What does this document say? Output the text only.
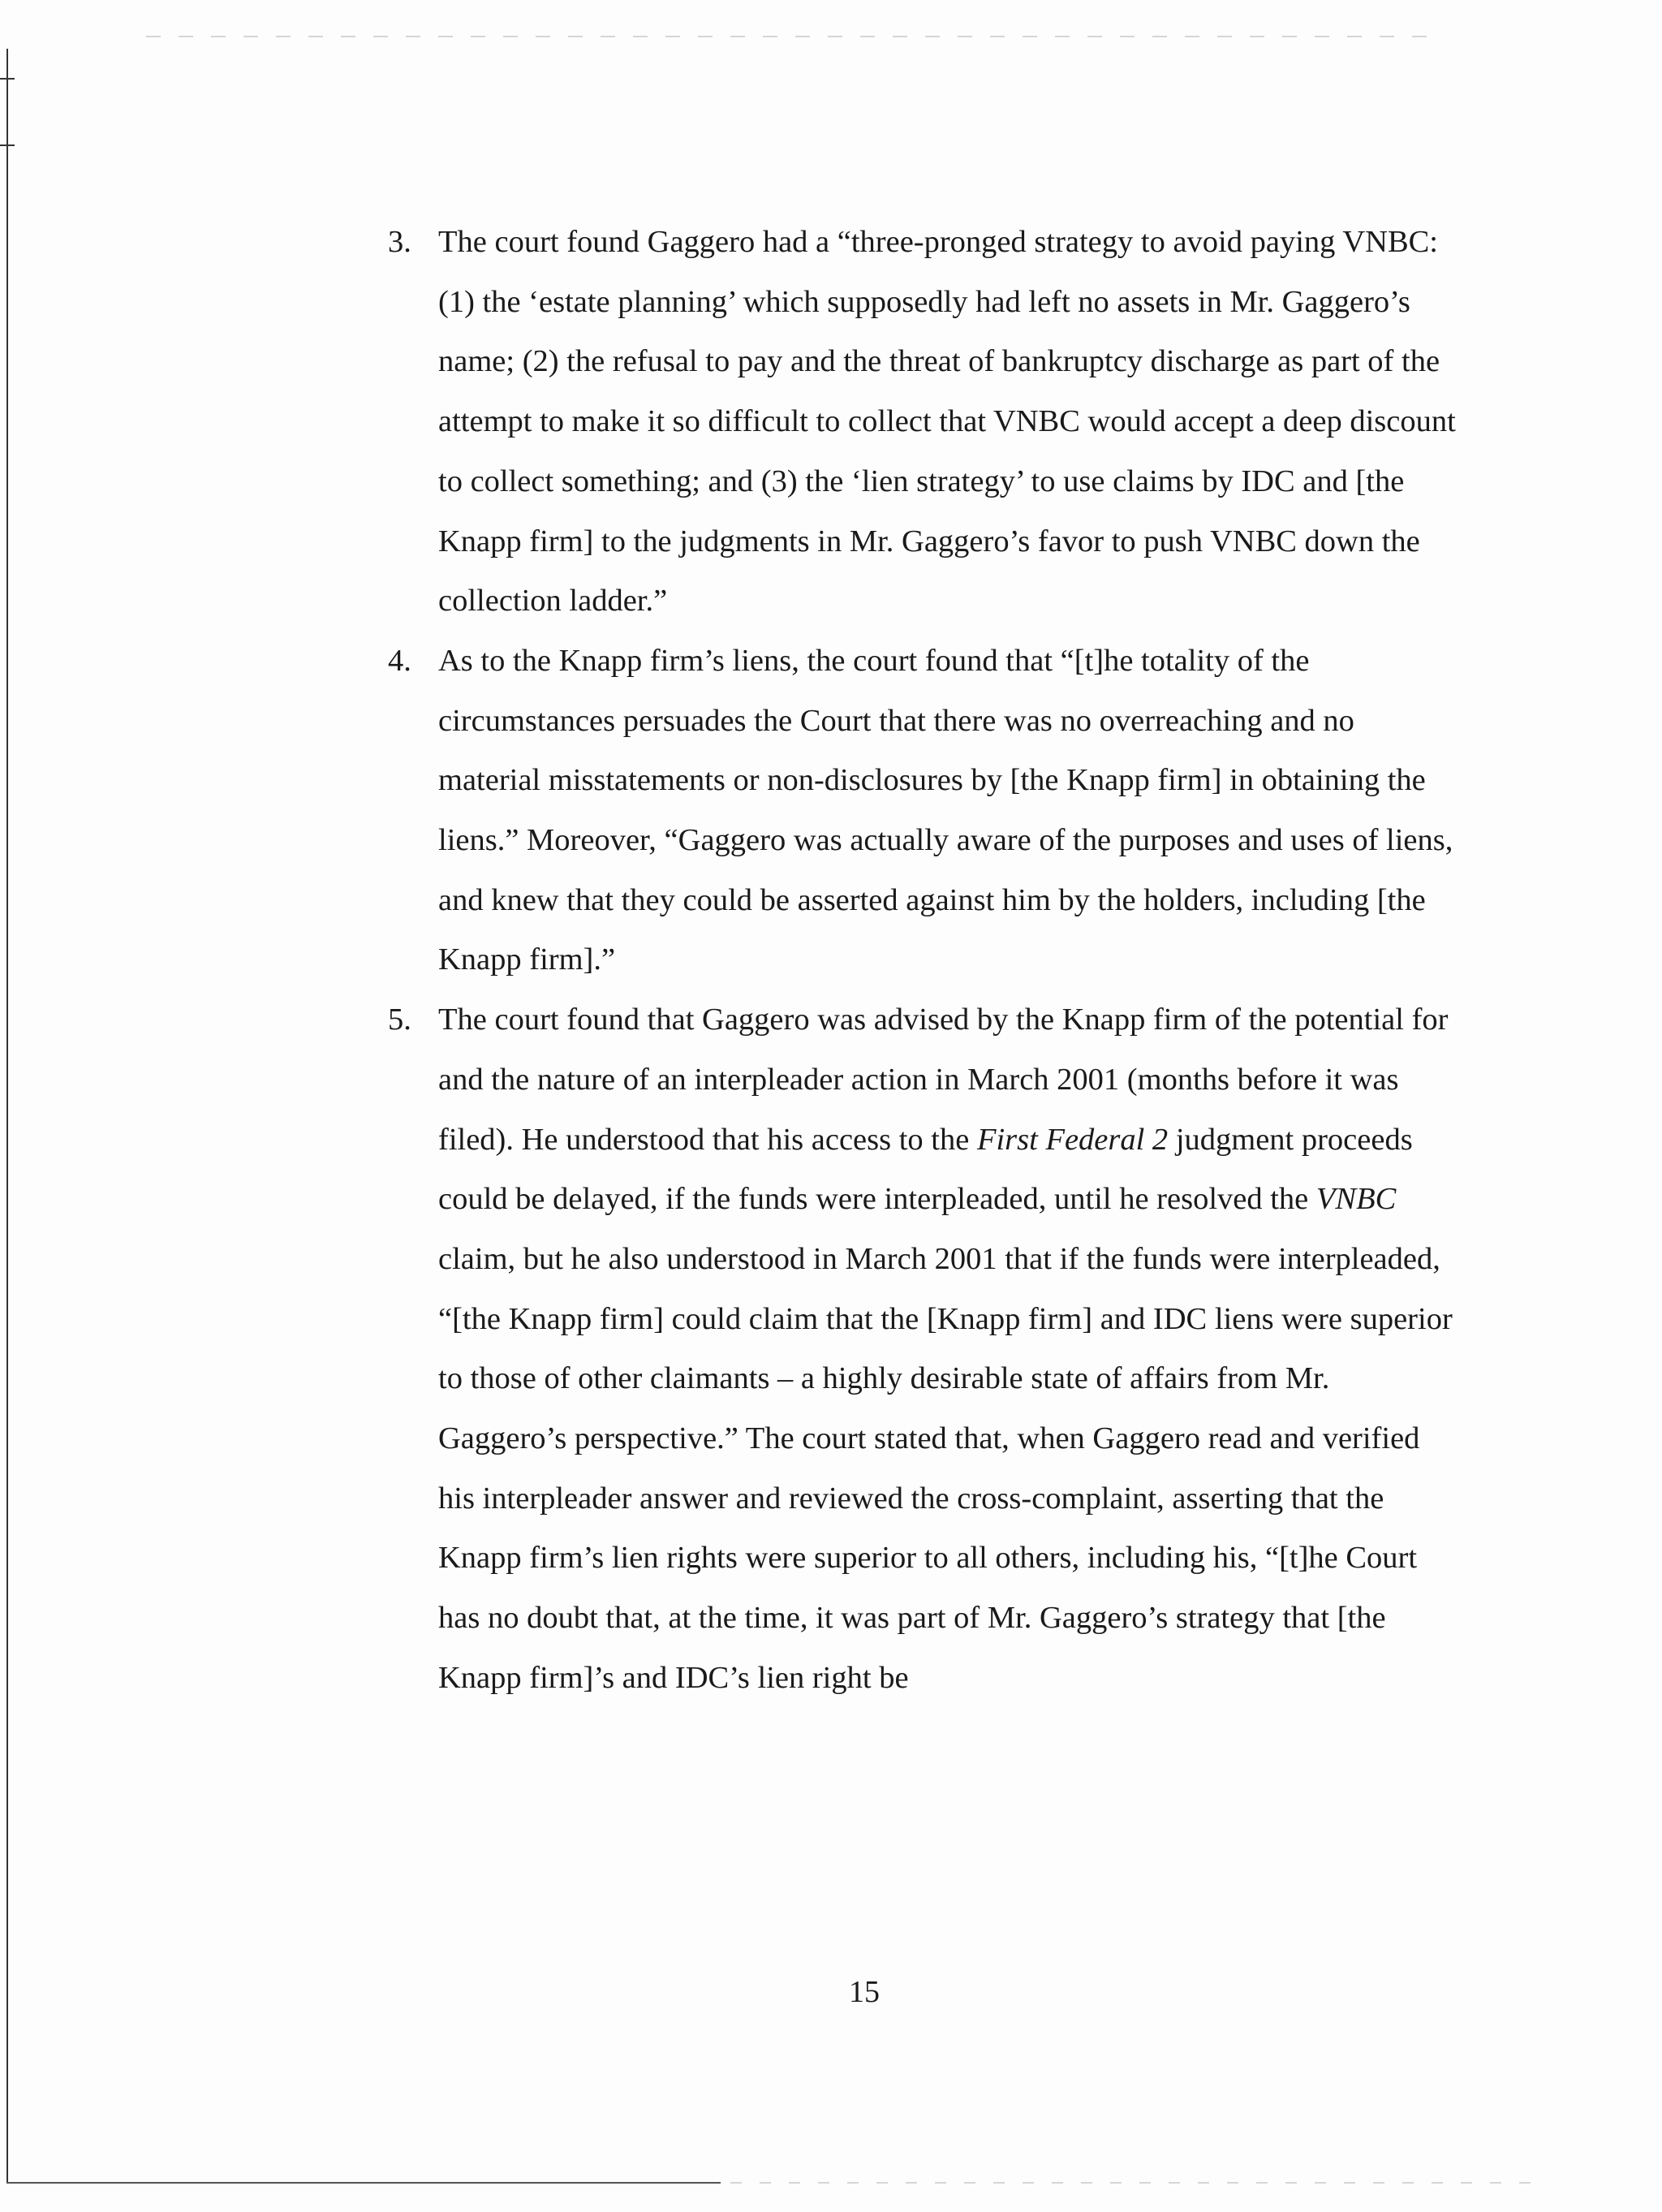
3. The court found Gaggero had a “three-pronged strategy to avoid paying VNBC: (1) the ‘estate planning’ which supposedly had left no assets in Mr. Gaggero’s name; (2) the refusal to pay and the threat of bankruptcy discharge as part of the attempt to make it so difficult to collect that VNBC would accept a deep discount to collect something; and (3) the ‘lien strategy’ to use claims by IDC and [the Knapp firm] to the judgments in Mr. Gaggero’s favor to push VNBC down the collection ladder.”
4. As to the Knapp firm’s liens, the court found that “[t]he totality of the circumstances persuades the Court that there was no overreaching and no material misstatements or non-disclosures by [the Knapp firm] in obtaining the liens.” Moreover, “Gaggero was actually aware of the purposes and uses of liens, and knew that they could be asserted against him by the holders, including [the Knapp firm].”
5. The court found that Gaggero was advised by the Knapp firm of the potential for and the nature of an interpleader action in March 2001 (months before it was filed). He understood that his access to the First Federal 2 judgment proceeds could be delayed, if the funds were interpleaded, until he resolved the VNBC claim, but he also understood in March 2001 that if the funds were interpleaded, “[the Knapp firm] could claim that the [Knapp firm] and IDC liens were superior to those of other claimants – a highly desirable state of affairs from Mr. Gaggero’s perspective.” The court stated that, when Gaggero read and verified his interpleader answer and reviewed the cross-complaint, asserting that the Knapp firm’s lien rights were superior to all others, including his, “[t]he Court has no doubt that, at the time, it was part of Mr. Gaggero’s strategy that [the Knapp firm]’s and IDC’s lien right be
15
